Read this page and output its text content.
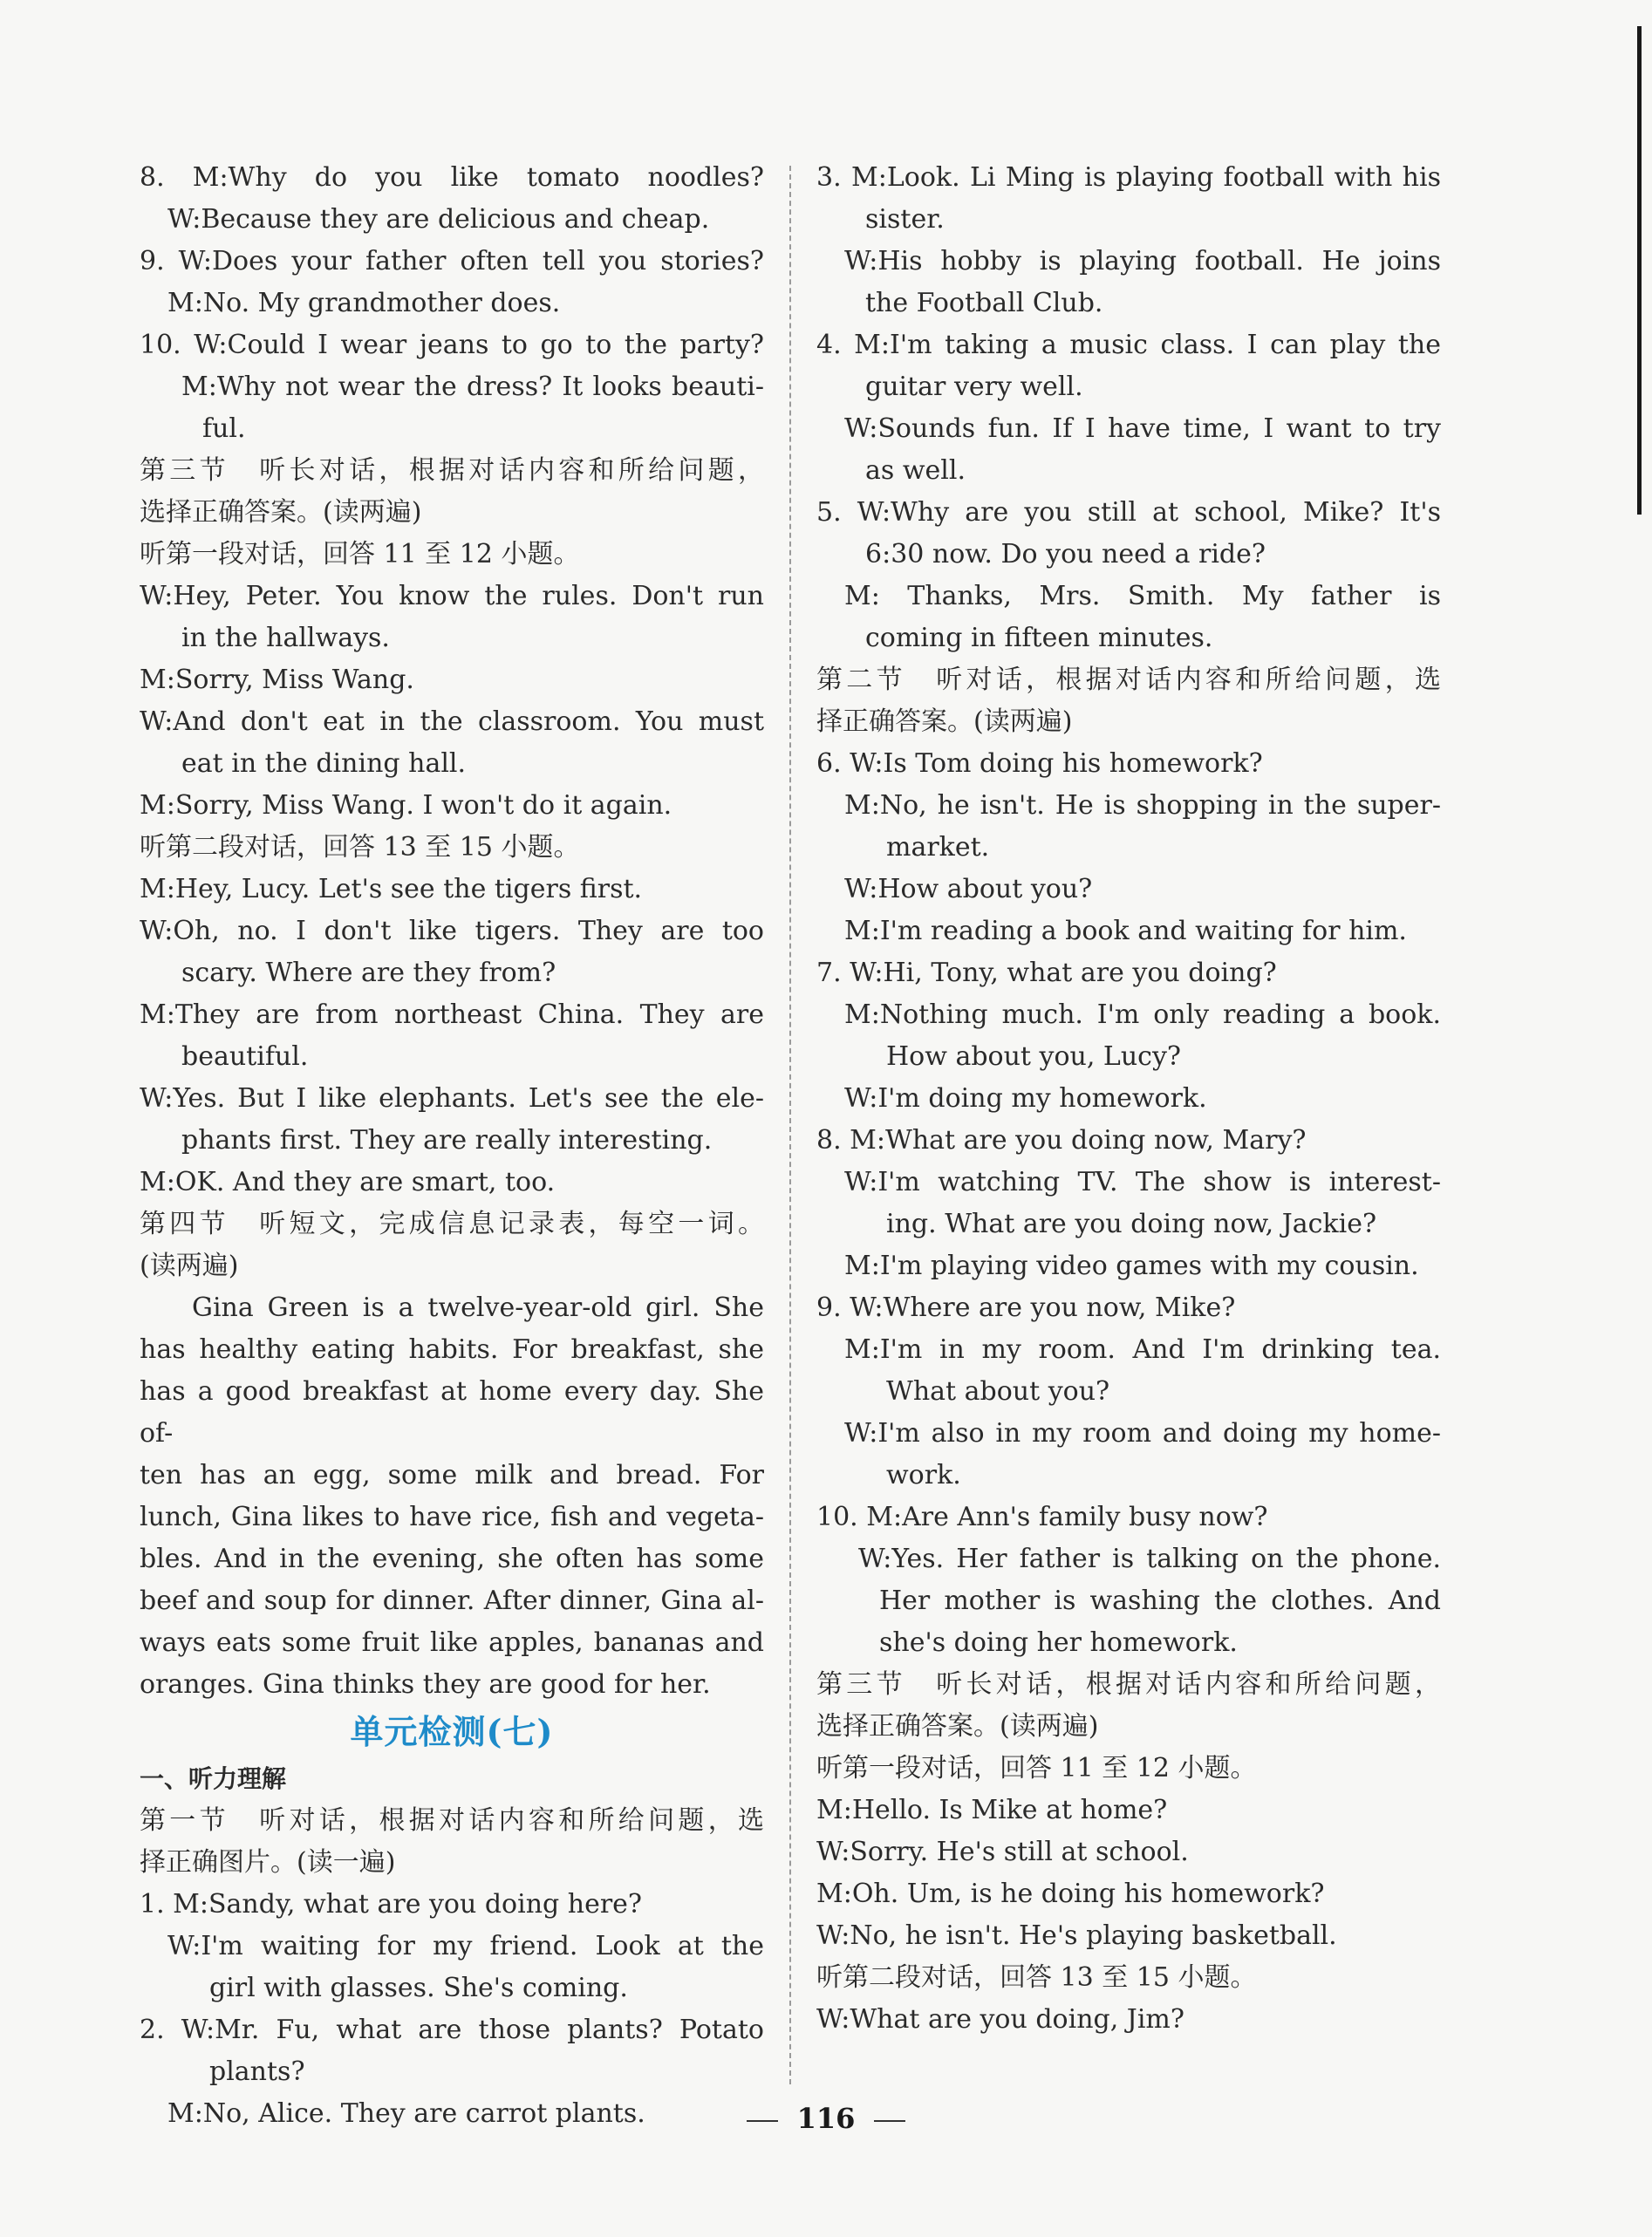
8. M:Why do you like tomato noodles?

W:Because they are delicious and cheap.

9. W:Does your father often tell you stories?

M:No. My grandmother does.

10. W:Could I wear jeans to go to the party?

M:Why not wear the dress? It looks beauti-

ful.

第三节　听长对话，根据对话内容和所给问题，

选择正确答案。(读两遍)

听第一段对话，回答 11 至 12 小题。

W:Hey, Peter. You know the rules. Don't run

in the hallways.

M:Sorry, Miss Wang.

W:And don't eat in the classroom. You must

eat in the dining hall.

M:Sorry, Miss Wang. I won't do it again.

听第二段对话，回答 13 至 15 小题。

M:Hey, Lucy. Let's see the tigers first.

W:Oh, no. I don't like tigers. They are too

scary. Where are they from?

M:They are from northeast China. They are

beautiful.

W:Yes. But I like elephants. Let's see the ele-

phants first. They are really interesting.

M:OK. And they are smart, too.

第四节　听短文，完成信息记录表，每空一词。

(读两遍)

Gina Green is a twelve-year-old girl. She

has healthy eating habits. For breakfast, she

has a good breakfast at home every day. She of-

ten has an egg, some milk and bread. For

lunch, Gina likes to have rice, fish and vegeta-

bles. And in the evening, she often has some

beef and soup for dinner. After dinner, Gina al-

ways eats some fruit like apples, bananas and

oranges. Gina thinks they are good for her.

单元检测(七)

一、听力理解

第一节　听对话，根据对话内容和所给问题，选

择正确图片。(读一遍)

1. M:Sandy, what are you doing here?

W:I'm waiting for my friend. Look at the

girl with glasses. She's coming.

2. W:Mr. Fu, what are those plants? Potato

plants?

M:No, Alice. They are carrot plants.

3. M:Look. Li Ming is playing football with his

sister.

W:His hobby is playing football. He joins

the Football Club.

4. M:I'm taking a music class. I can play the

guitar very well.

W:Sounds fun. If I have time, I want to try

as well.

5. W:Why are you still at school, Mike? It's

6:30 now. Do you need a ride?

M: Thanks, Mrs. Smith. My father is

coming in fifteen minutes.

第二节　听对话，根据对话内容和所给问题，选

择正确答案。(读两遍)

6. W:Is Tom doing his homework?

M:No, he isn't. He is shopping in the super-

market.

W:How about you?

M:I'm reading a book and waiting for him.

7. W:Hi, Tony, what are you doing?

M:Nothing much. I'm only reading a book.

How about you, Lucy?

W:I'm doing my homework.

8. M:What are you doing now, Mary?

W:I'm watching TV. The show is interest-

ing. What are you doing now, Jackie?

M:I'm playing video games with my cousin.

9. W:Where are you now, Mike?

M:I'm in my room. And I'm drinking tea.

What about you?

W:I'm also in my room and doing my home-

work.

10. M:Are Ann's family busy now?

W:Yes. Her father is talking on the phone.

Her mother is washing the clothes. And

she's doing her homework.

第三节　听长对话，根据对话内容和所给问题，

选择正确答案。(读两遍)

听第一段对话，回答 11 至 12 小题。

M:Hello. Is Mike at home?

W:Sorry. He's still at school.

M:Oh. Um, is he doing his homework?

W:No, he isn't. He's playing basketball.

听第二段对话，回答 13 至 15 小题。

W:What are you doing, Jim?

116
